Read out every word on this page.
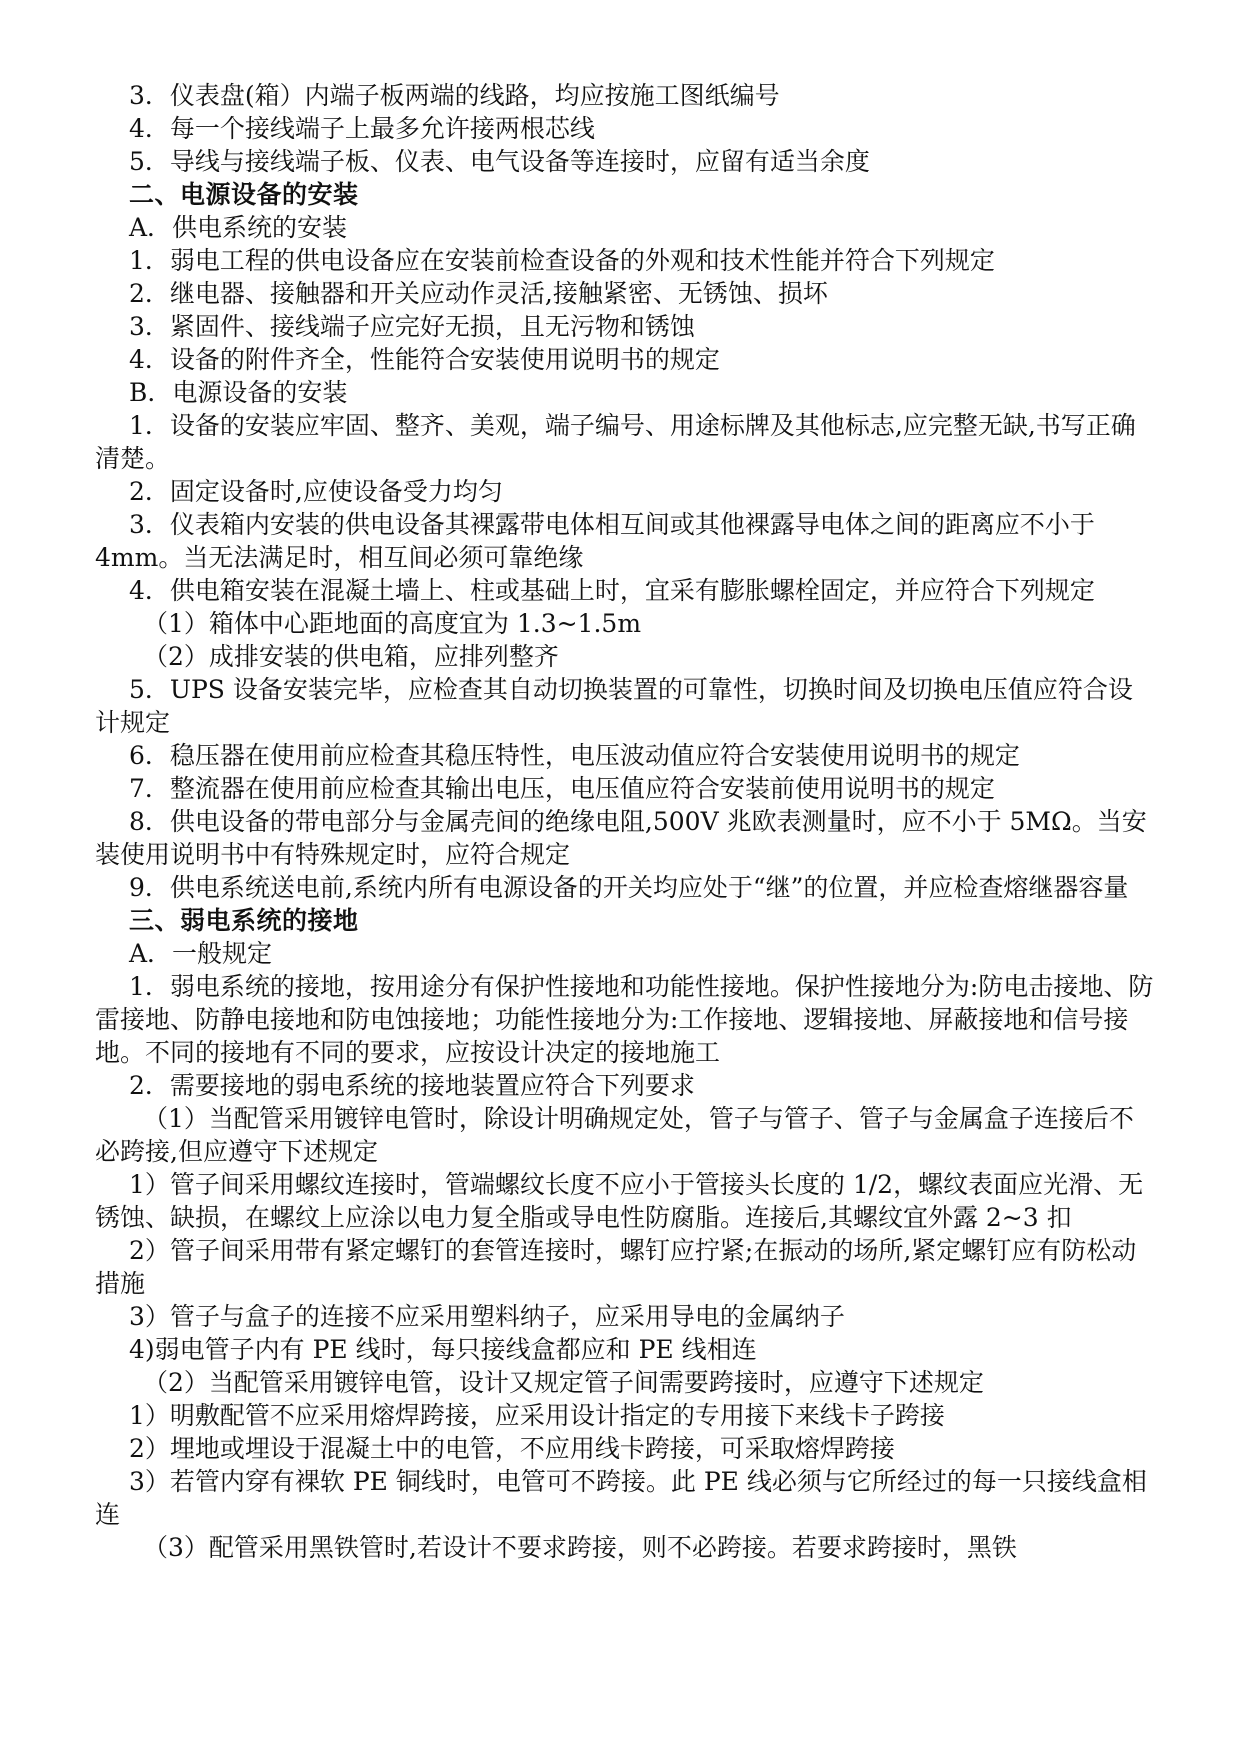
3．仪表盘(箱）内端子板两端的线路，均应按施工图纸编号

4．每一个接线端子上最多允许接两根芯线

5．导线与接线端子板、仪表、电气设备等连接时，应留有适当余度

二、电源设备的安装

A．供电系统的安装

1．弱电工程的供电设备应在安装前检查设备的外观和技术性能并符合下列规定

2．继电器、接触器和开关应动作灵活,接触紧密、无锈蚀、损坏

3．紧固件、接线端子应完好无损，且无污物和锈蚀

4．设备的附件齐全，性能符合安装使用说明书的规定

B．电源设备的安装

1．设备的安装应牢固、整齐、美观，端子编号、用途标牌及其他标志,应完整无缺,书写正确清楚。

2．固定设备时,应使设备受力均匀

3．仪表箱内安装的供电设备其裸露带电体相互间或其他裸露导电体之间的距离应不小于 4mm。当无法满足时，相互间必须可靠绝缘

4．供电箱安装在混凝土墙上、柱或基础上时，宜采有膨胀螺栓固定，并应符合下列规定

（1）箱体中心距地面的高度宜为 1.3~1.5m

（2）成排安装的供电箱，应排列整齐

5．UPS 设备安装完毕，应检查其自动切换装置的可靠性，切换时间及切换电压值应符合设计规定

6．稳压器在使用前应检查其稳压特性，电压波动值应符合安装使用说明书的规定

7．整流器在使用前应检查其输出电压，电压值应符合安装前使用说明书的规定

8．供电设备的带电部分与金属壳间的绝缘电阻,500V 兆欧表测量时，应不小于 5MΩ。当安装使用说明书中有特殊规定时，应符合规定

9．供电系统送电前,系统内所有电源设备的开关均应处于“继”的位置，并应检查熔继器容量

三、弱电系统的接地

A．一般规定

1．弱电系统的接地，按用途分有保护性接地和功能性接地。保护性接地分为:防电击接地、防雷接地、防静电接地和防电蚀接地；功能性接地分为:工作接地、逻辑接地、屏蔽接地和信号接地。不同的接地有不同的要求，应按设计决定的接地施工

2．需要接地的弱电系统的接地装置应符合下列要求

（1）当配管采用镀锌电管时，除设计明确规定处，管子与管子、管子与金属盒子连接后不必跨接,但应遵守下述规定

1）管子间采用螺纹连接时，管端螺纹长度不应小于管接头长度的 1/2，螺纹表面应光滑、无锈蚀、缺损，在螺纹上应涂以电力复全脂或导电性防腐脂。连接后,其螺纹宜外露 2~3 扣

2）管子间采用带有紧定螺钉的套管连接时，螺钉应拧紧;在振动的场所,紧定螺钉应有防松动措施

3）管子与盒子的连接不应采用塑料纳子，应采用导电的金属纳子

4)弱电管子内有 PE 线时，每只接线盒都应和 PE 线相连

（2）当配管采用镀锌电管，设计又规定管子间需要跨接时，应遵守下述规定

1）明敷配管不应采用熔焊跨接，应采用设计指定的专用接下来线卡子跨接

2）埋地或埋设于混凝土中的电管，不应用线卡跨接，可采取熔焊跨接

3）若管内穿有裸软 PE 铜线时，电管可不跨接。此 PE 线必须与它所经过的每一只接线盒相连

（3）配管采用黑铁管时,若设计不要求跨接，则不必跨接。若要求跨接时，黑铁
